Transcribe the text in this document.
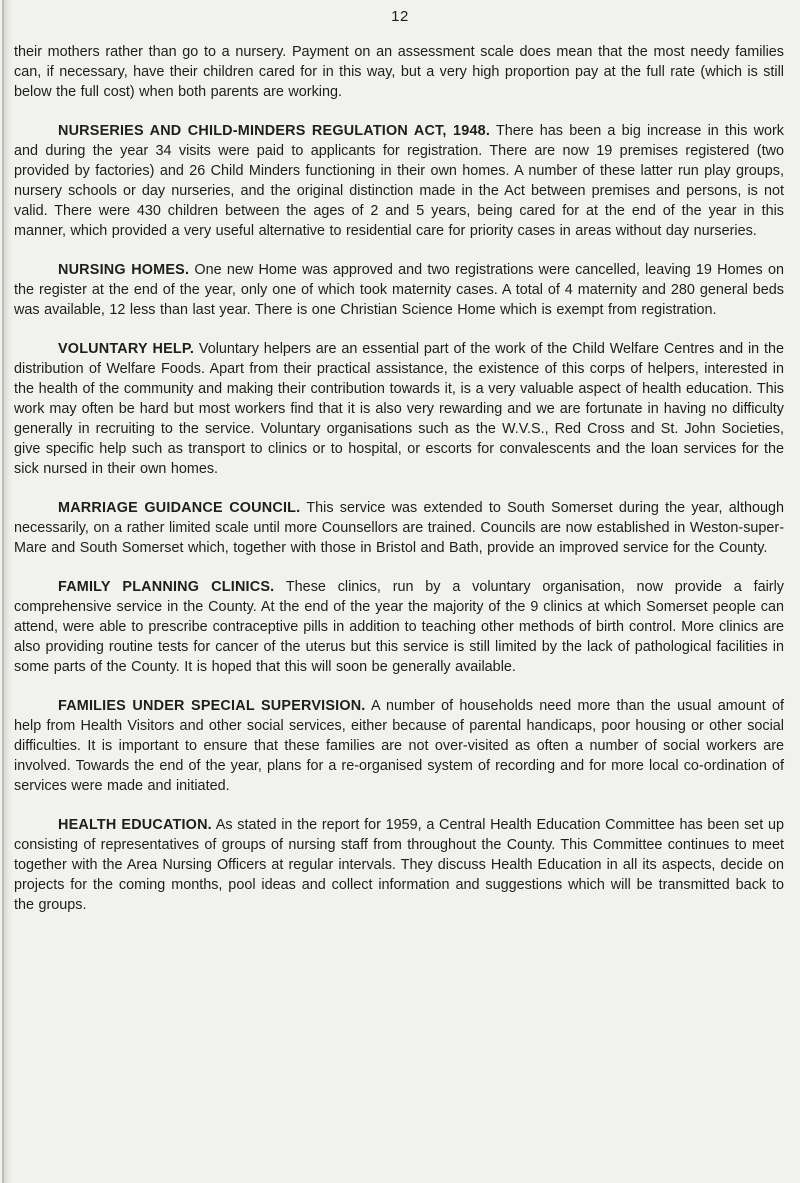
12

their mothers rather than go to a nursery. Payment on an assessment scale does mean that the most needy families can, if necessary, have their children cared for in this way, but a very high proportion pay at the full rate (which is still below the full cost) when both parents are working.

NURSERIES AND CHILD-MINDERS REGULATION ACT, 1948. There has been a big increase in this work and during the year 34 visits were paid to applicants for registration. There are now 19 premises registered (two provided by factories) and 26 Child Minders functioning in their own homes. A number of these latter run play groups, nursery schools or day nurseries, and the original distinction made in the Act between premises and persons, is not valid. There were 430 children between the ages of 2 and 5 years, being cared for at the end of the year in this manner, which provided a very useful alternative to residential care for priority cases in areas without day nurseries.

NURSING HOMES. One new Home was approved and two registrations were cancelled, leaving 19 Homes on the register at the end of the year, only one of which took maternity cases. A total of 4 maternity and 280 general beds was available, 12 less than last year. There is one Christian Science Home which is exempt from registration.

VOLUNTARY HELP. Voluntary helpers are an essential part of the work of the Child Welfare Centres and in the distribution of Welfare Foods. Apart from their practical assistance, the existence of this corps of helpers, interested in the health of the community and making their contribution towards it, is a very valuable aspect of health education. This work may often be hard but most workers find that it is also very rewarding and we are fortunate in having no difficulty generally in recruiting to the service. Voluntary organisations such as the W.V.S., Red Cross and St. John Societies, give specific help such as transport to clinics or to hospital, or escorts for convalescents and the loan services for the sick nursed in their own homes.

MARRIAGE GUIDANCE COUNCIL. This service was extended to South Somerset during the year, although necessarily, on a rather limited scale until more Counsellors are trained. Councils are now established in Weston-super-Mare and South Somerset which, together with those in Bristol and Bath, provide an improved service for the County.

FAMILY PLANNING CLINICS. These clinics, run by a voluntary organisation, now provide a fairly comprehensive service in the County. At the end of the year the majority of the 9 clinics at which Somerset people can attend, were able to prescribe contraceptive pills in addition to teaching other methods of birth control. More clinics are also providing routine tests for cancer of the uterus but this service is still limited by the lack of pathological facilities in some parts of the County. It is hoped that this will soon be generally available.

FAMILIES UNDER SPECIAL SUPERVISION. A number of households need more than the usual amount of help from Health Visitors and other social services, either because of parental handicaps, poor housing or other social difficulties. It is important to ensure that these families are not over-visited as often a number of social workers are involved. Towards the end of the year, plans for a re-organised system of recording and for more local co-ordination of services were made and initiated.

HEALTH EDUCATION. As stated in the report for 1959, a Central Health Education Committee has been set up consisting of representatives of groups of nursing staff from throughout the County. This Committee continues to meet together with the Area Nursing Officers at regular intervals. They discuss Health Education in all its aspects, decide on projects for the coming months, pool ideas and collect information and suggestions which will be transmitted back to the groups.
